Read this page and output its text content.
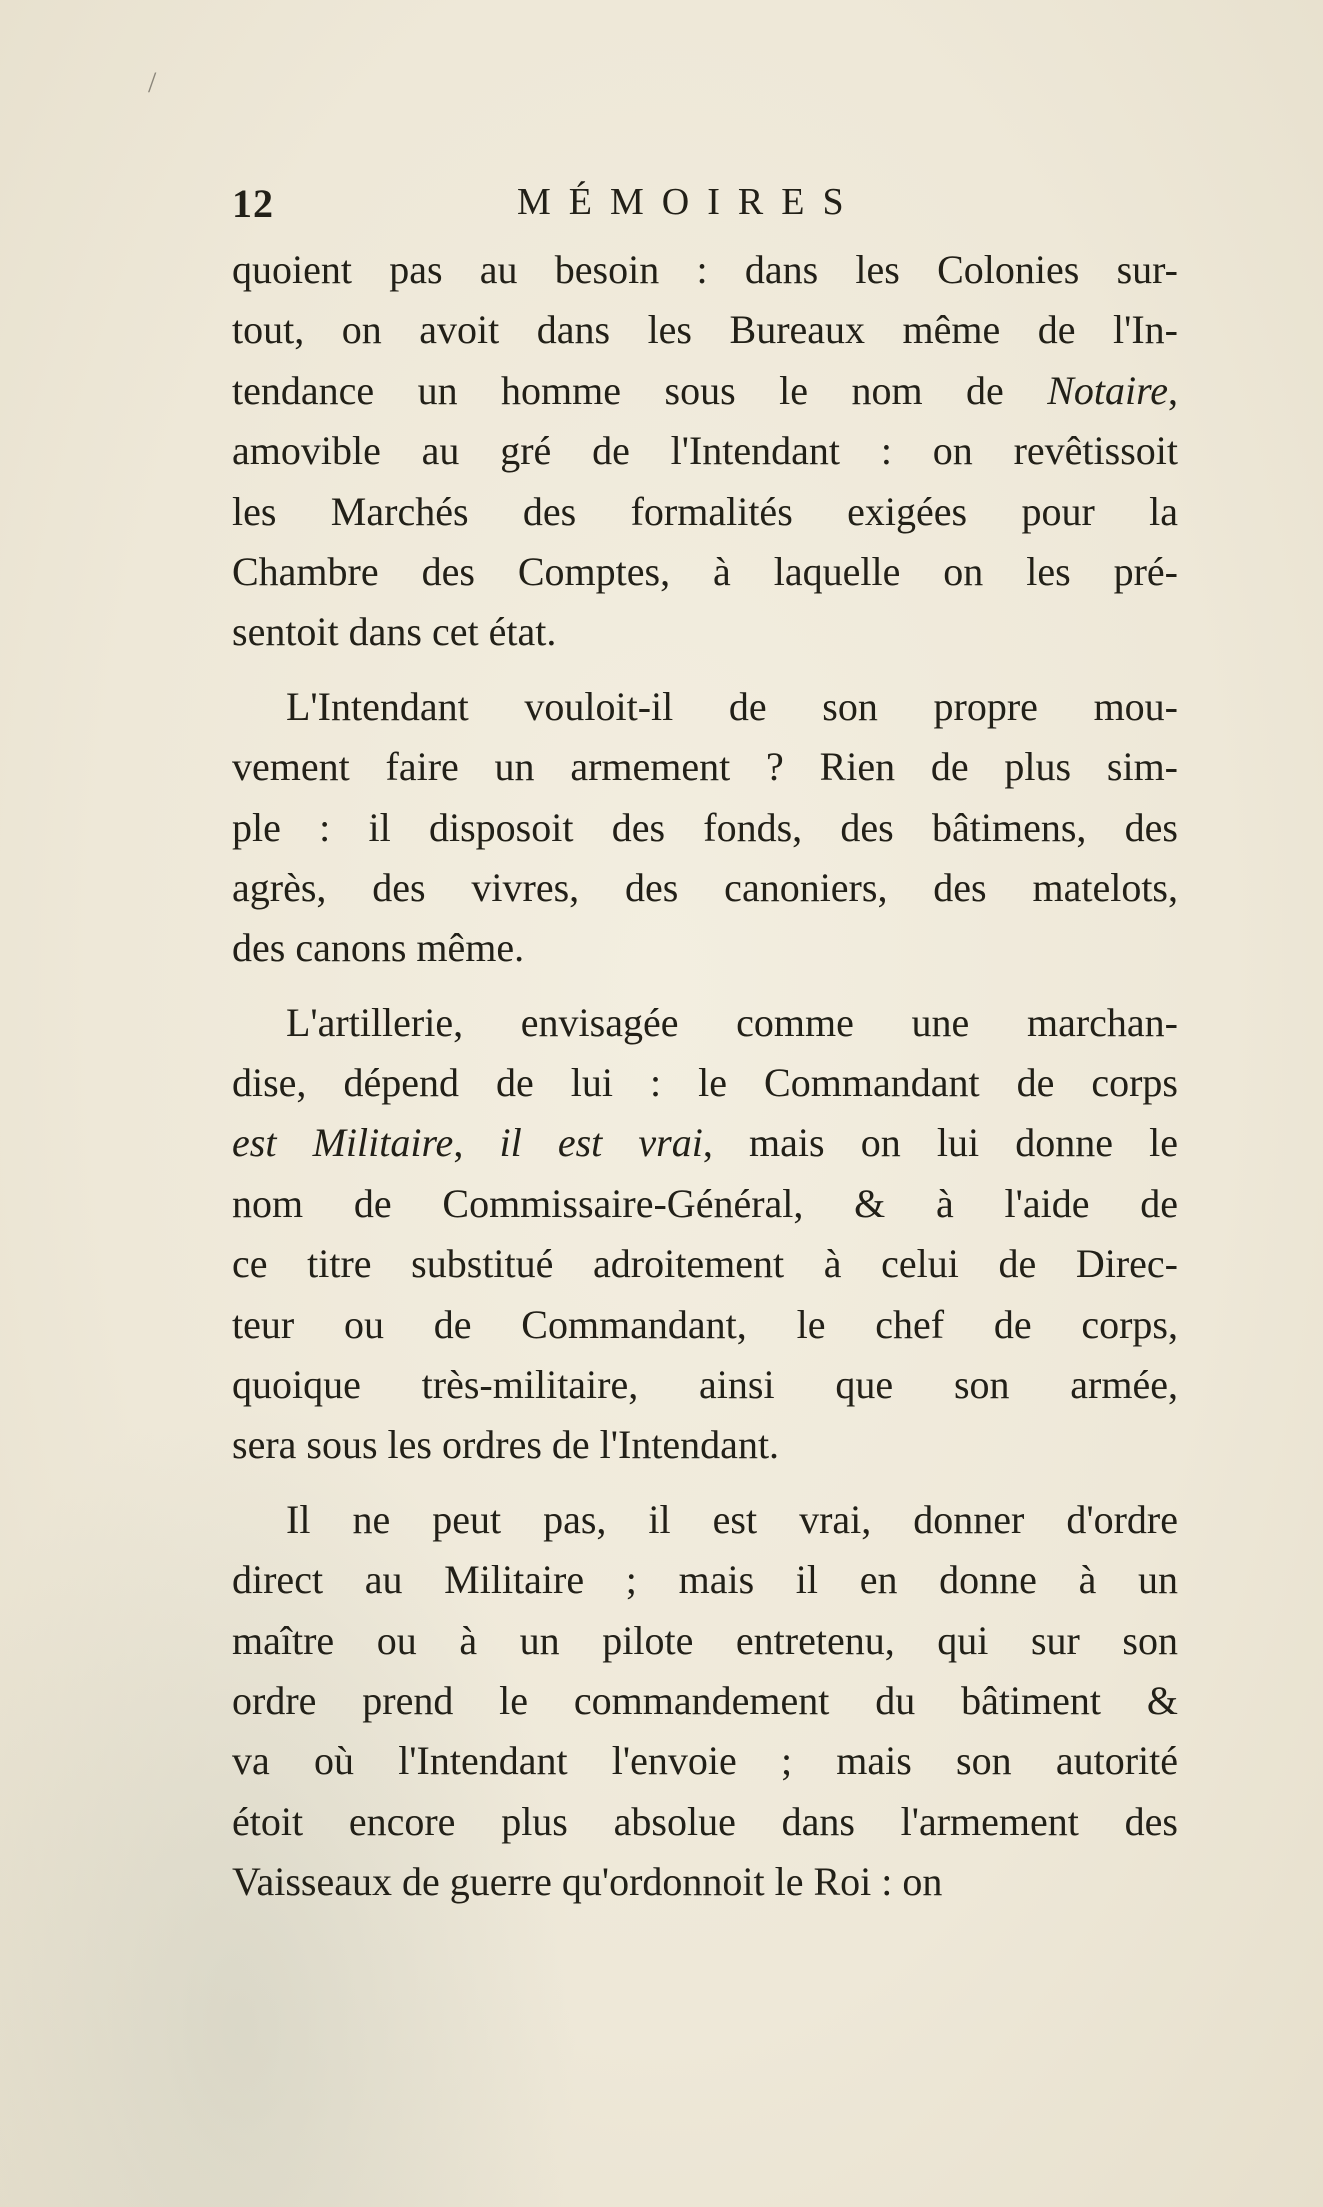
/
12	MÉMOIRES
quoient pas au besoin : dans les Colonies sur-
tout, on avoit dans les Bureaux même de l'In-
tendance un homme sous le nom de Notaire,
amovible au gré de l'Intendant : on revêtissoit
les Marchés des formalités exigées pour la
Chambre des Comptes, à laquelle on les pré-
sentoit dans cet état.
L'Intendant vouloit-il de son propre mou-
vement faire un armement ? Rien de plus sim-
ple : il disposoit des fonds, des bâtimens, des
agrès, des vivres, des canoniers, des matelots,
des canons même.
L'artillerie, envisagée comme une marchan-
dise, dépend de lui : le Commandant de corps
est Militaire, il est vrai, mais on lui donne le
nom de Commissaire-Général, & à l'aide de
ce titre substitué adroitement à celui de Direc-
teur ou de Commandant, le chef de corps,
quoique très-militaire, ainsi que son armée,
sera sous les ordres de l'Intendant.
Il ne peut pas, il est vrai, donner d'ordre
direct au Militaire ; mais il en donne à un
maître ou à un pilote entretenu, qui sur son
ordre prend le commandement du bâtiment &
va où l'Intendant l'envoie ; mais son autorité
étoit encore plus absolue dans l'armement des
Vaisseaux de guerre qu'ordonnoit le Roi : on
